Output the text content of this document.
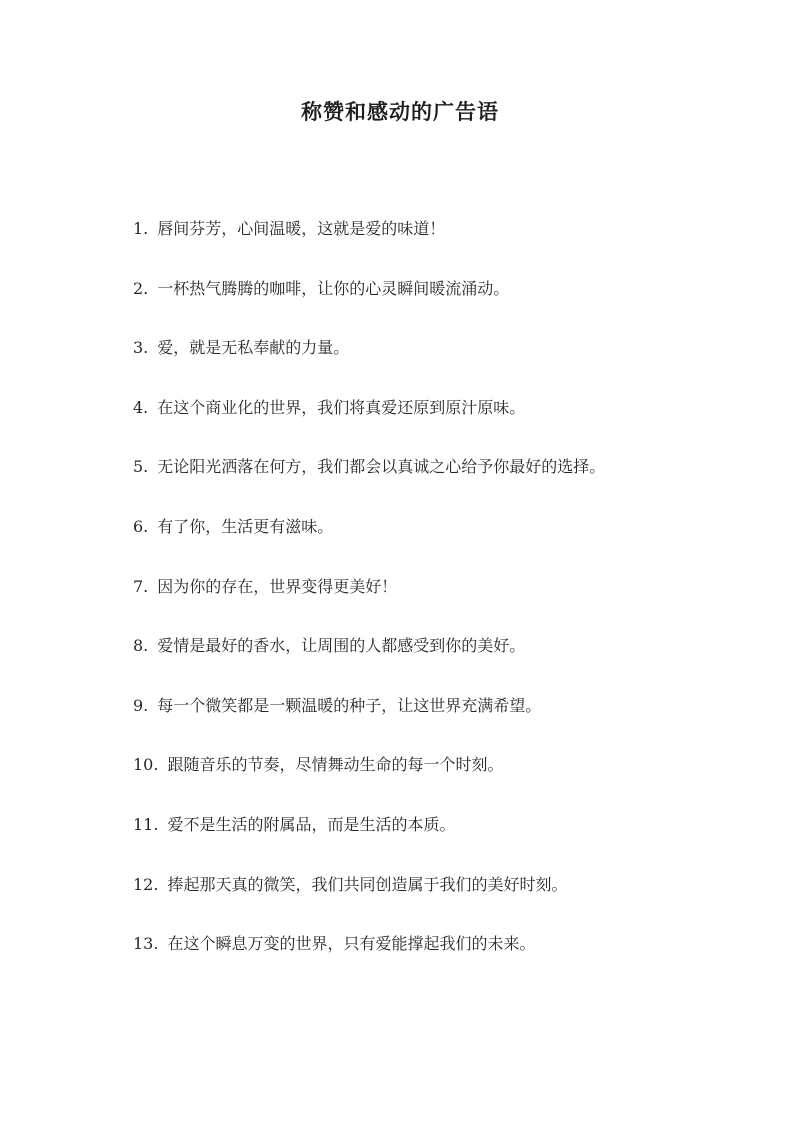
称赞和感动的广告语
1. 唇间芬芳，心间温暖，这就是爱的味道！
2. 一杯热气腾腾的咖啡，让你的心灵瞬间暖流涌动。
3. 爱，就是无私奉献的力量。
4. 在这个商业化的世界，我们将真爱还原到原汁原味。
5. 无论阳光洒落在何方，我们都会以真诚之心给予你最好的选择。
6. 有了你，生活更有滋味。
7. 因为你的存在，世界变得更美好！
8. 爱情是最好的香水，让周围的人都感受到你的美好。
9. 每一个微笑都是一颗温暖的种子，让这世界充满希望。
10. 跟随音乐的节奏，尽情舞动生命的每一个时刻。
11. 爱不是生活的附属品，而是生活的本质。
12. 捧起那天真的微笑，我们共同创造属于我们的美好时刻。
13. 在这个瞬息万变的世界，只有爱能撑起我们的未来。
